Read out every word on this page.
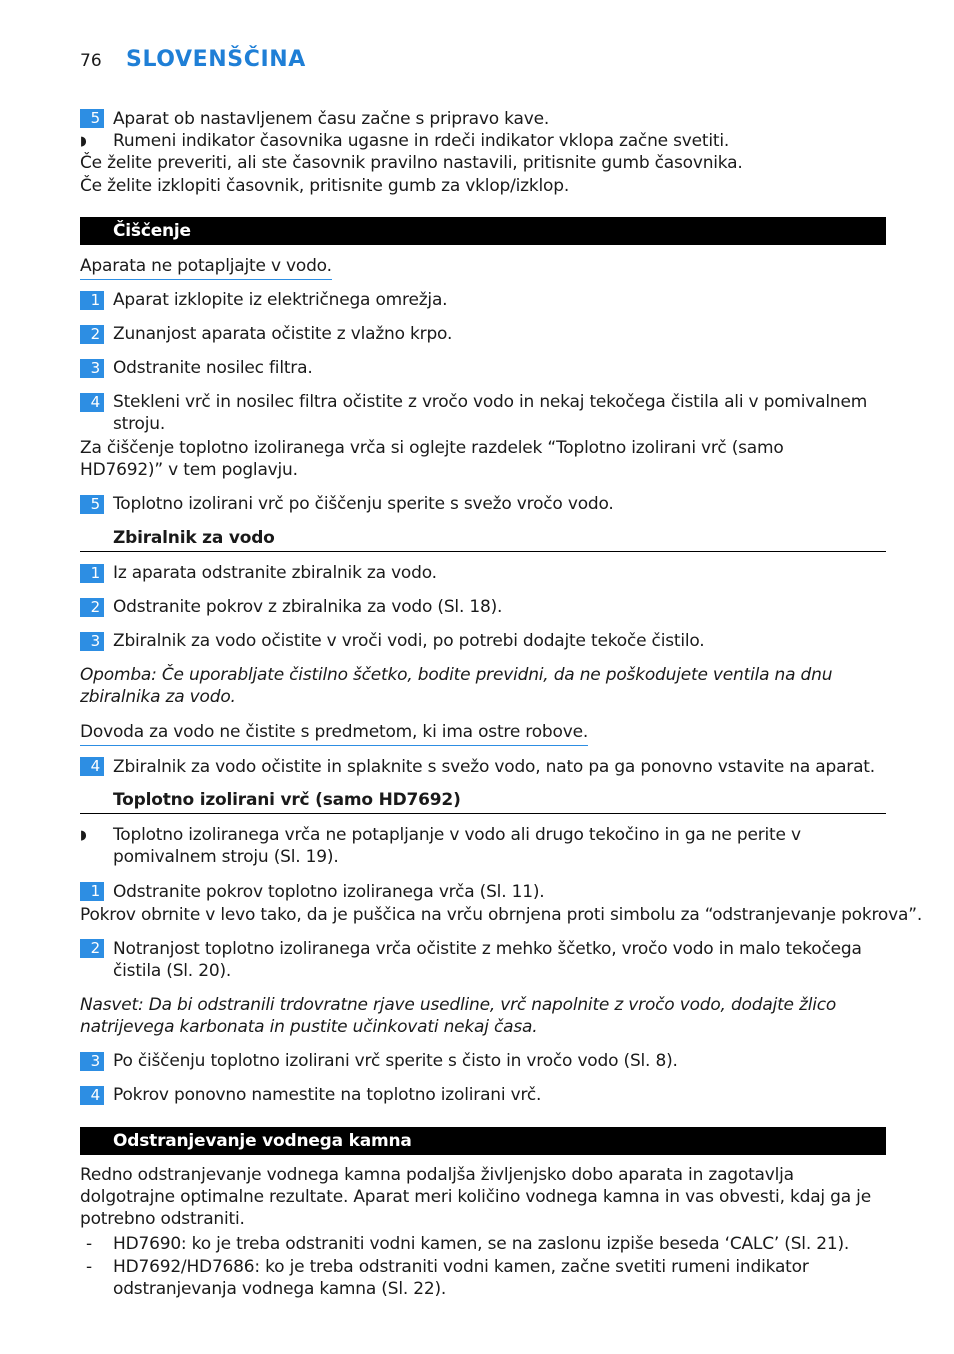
76 SLOVENŠČINA
5 Aparat ob nastavljenem času začne s pripravo kave.
◗ Rumeni indikator časovnika ugasne in rdeči indikator vklopa začne svetiti.
Če želite preveriti, ali ste časovnik pravilno nastavili, pritisnite gumb časovnika.
Če želite izklopiti časovnik, pritisnite gumb za vklop/izklop.
Čiščenje
Aparata ne potapljajte v vodo.
1 Aparat izklopite iz električnega omrežja.
2 Zunanjost aparata očistite z vlažno krpo.
3 Odstranite nosilec filtra.
4 Stekleni vrč in nosilec filtra očistite z vročo vodo in nekaj tekočega čistila ali v pomivalnem stroju.
Za čiščenje toplotno izoliranega vrča si oglejte razdelek “Toplotno izolirani vrč (samo HD7692)” v tem poglavju.
5 Toplotno izolirani vrč po čiščenju sperite s svežo vročo vodo.
Zbiralnik za vodo
1 Iz aparata odstranite zbiralnik za vodo.
2 Odstranite pokrov z zbiralnika za vodo (Sl. 18).
3 Zbiralnik za vodo očistite v vroči vodi, po potrebi dodajte tekoče čistilo.
Opomba: Če uporabljate čistilno ščetko, bodite previdni, da ne poškodujete ventila na dnu zbiralnika za vodo.
Dovoda za vodo ne čistite s predmetom, ki ima ostre robove.
4 Zbiralnik za vodo očistite in splaknite s svežo vodo, nato pa ga ponovno vstavite na aparat.
Toplotno izolirani vrč (samo HD7692)
◗ Toplotno izoliranega vrča ne potapljanje v vodo ali drugo tekočino in ga ne perite v pomivalnem stroju (Sl. 19).
1 Odstranite pokrov toplotno izoliranega vrča (Sl. 11).
Pokrov obrnite v levo tako, da je puščica na vrču obrnjena proti simbolu za “odstranjevanje pokrova”.
2 Notranjost toplotno izoliranega vrča očistite z mehko ščetko, vročo vodo in malo tekočega čistila (Sl. 20).
Nasvet: Da bi odstranili trdovratne rjave usedline, vrč napolnite z vročo vodo, dodajte žlico natrijevega karbonata in pustite učinkovati nekaj časa.
3 Po čiščenju toplotno izolirani vrč sperite s čisto in vročo vodo (Sl. 8).
4 Pokrov ponovno namestite na toplotno izolirani vrč.
Odstranjevanje vodnega kamna
Redno odstranjevanje vodnega kamna podaljša življenjsko dobo aparata in zagotavlja dolgotrajne optimalne rezultate. Aparat meri količino vodnega kamna in vas obvesti, kdaj ga je potrebno odstraniti.
- HD7690: ko je treba odstraniti vodni kamen, se na zaslonu izpiše beseda ‘CALC’ (Sl. 21).
- HD7692/HD7686: ko je treba odstraniti vodni kamen, začne svetiti rumeni indikator odstranjevanja vodnega kamna (Sl. 22).
